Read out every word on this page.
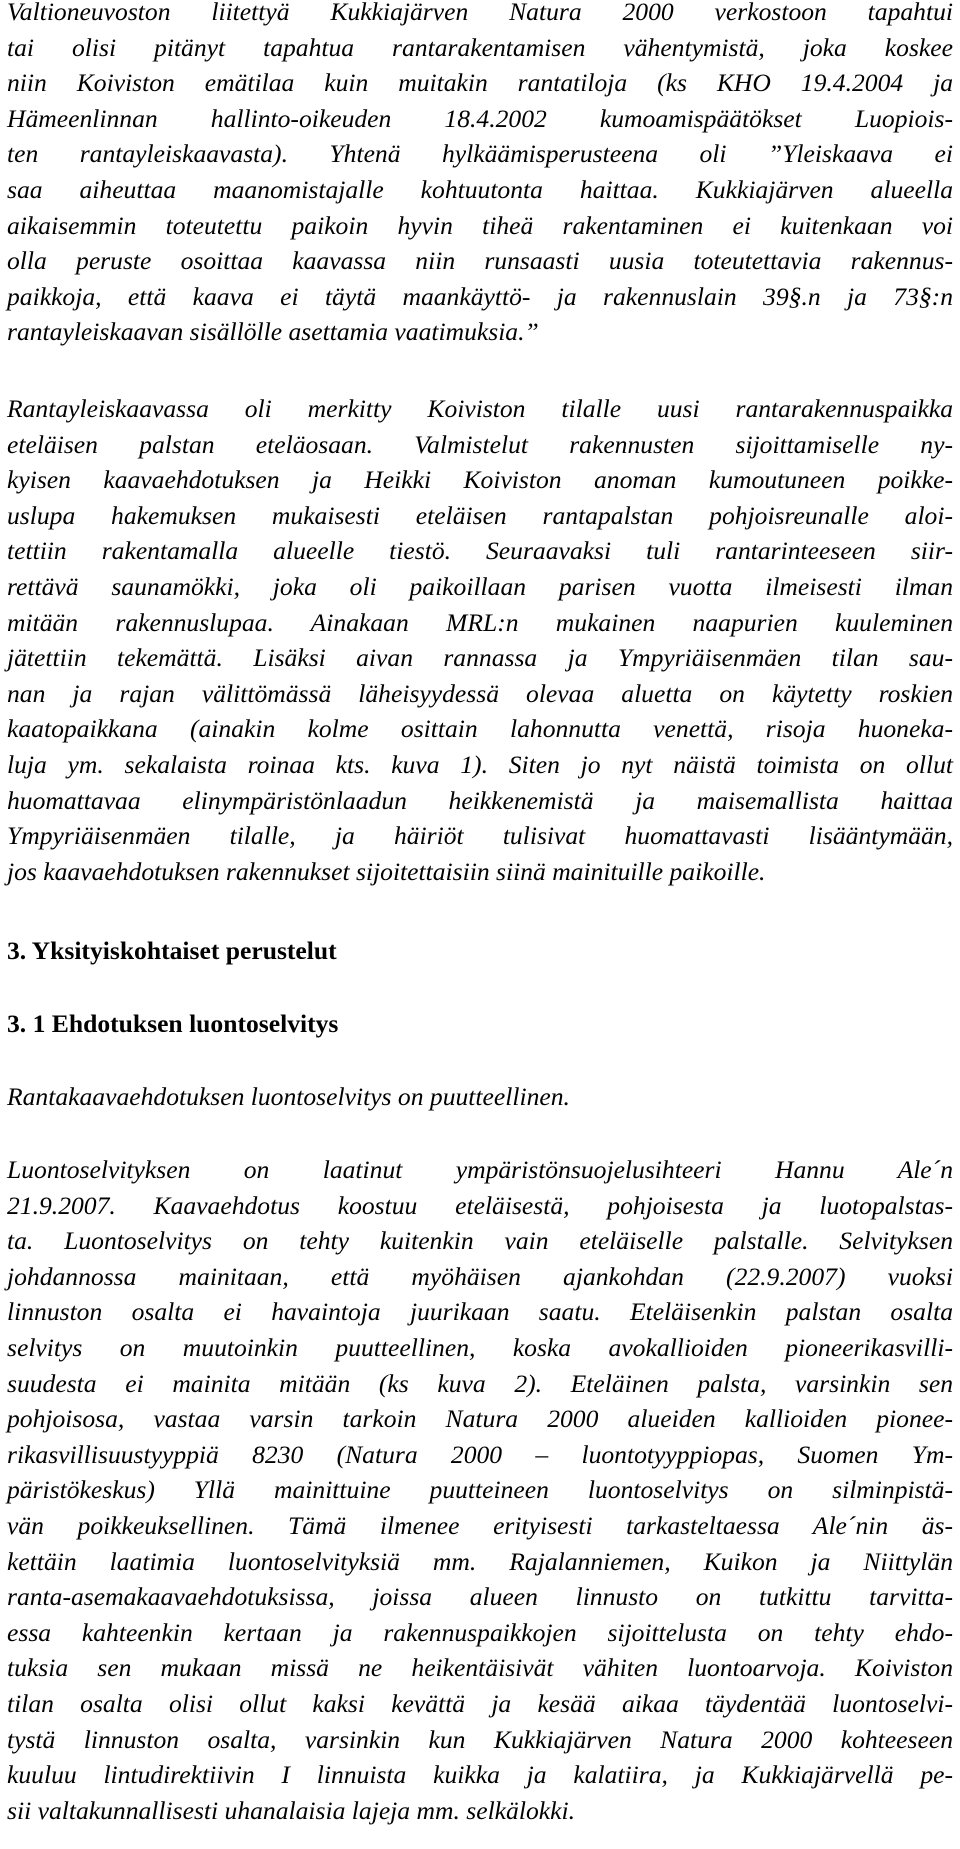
Valtioneuvoston liitettyä Kukkiajärven Natura 2000 verkostoon tapahtui
tai olisi pitänyt tapahtua rantarakentamisen vähentymistä, joka koskee
niin Koiviston emätilaa kuin muitakin rantatiloja (ks KHO 19.4.2004 ja
Hämeenlinnan hallinto-oikeuden 18.4.2002 kumoamispäätökset Luopiois-
ten rantayleiskaavasta). Yhtenä hylkäämisperusteena oli ”Yleiskaava ei
saa aiheuttaa maanomistajalle kohtuutonta haittaa. Kukkiajärven alueella
aikaisemmin toteutettu paikoin hyvin tiheä rakentaminen ei kuitenkaan voi
olla peruste osoittaa kaavassa niin runsaasti uusia toteutettavia rakennus-
paikkoja, että kaava ei täytä maankäyttö- ja rakennuslain 39§.n ja 73§:n
rantayleiskaavan sisällölle asettamia vaatimuksia.”
Rantayleiskaavassa oli merkitty Koiviston tilalle uusi rantarakennuspaikka
eteläisen palstan eteläosaan. Valmistelut rakennusten sijoittamiselle ny-
kyisen kaavaehdotuksen ja Heikki Koiviston anoman kumoutuneen poikke-
uslupa hakemuksen mukaisesti eteläisen rantapalstan pohjoisreunalle aloi-
tettiin rakentamalla alueelle tiestö. Seuraavaksi tuli rantarinteeseen siir-
rettävä saunamökki, joka oli paikoillaan parisen vuotta ilmeisesti ilman
mitään rakennuslupaa. Ainakaan MRL:n mukainen naapurien kuuleminen
jätettiin tekemättä. Lisäksi aivan rannassa ja Ympyriäisenmäen tilan sau-
nan ja rajan välittömässä läheisyydessä olevaa aluetta on käytetty roskien
kaatopaikkana (ainakin kolme osittain lahonnutta venettä, risoja huoneka-
luja ym. sekalaista roinaa kts. kuva 1). Siten jo nyt näistä toimista on ollut
huomattavaa elinympäristönlaadun heikkenemistä ja maisemallista haittaa
Ympyriäisenmäen tilalle, ja häiriöt tulisivat huomattavasti lisääntymään,
jos kaavaehdotuksen rakennukset sijoitettaisiin siinä mainituille paikoille.
3. Yksityiskohtaiset perustelut
3. 1 Ehdotuksen luontoselvitys
Rantakaavaehdotuksen luontoselvitys on puutteellinen.
Luontoselvityksen on laatinut ympäristönsuojelusihteeri Hannu Ale´n
21.9.2007. Kaavaehdotus koostuu eteläisestä, pohjoisesta ja luotopalstas-
ta. Luontoselvitys on tehty kuitenkin vain eteläiselle palstalle. Selvityksen
johdannossa mainitaan, että myöhäisen ajankohdan (22.9.2007) vuoksi
linnuston osalta ei havaintoja juurikaan saatu. Eteläisenkin palstan osalta
selvitys on muutoinkin puutteellinen, koska avokallioiden pioneerikasvilli-
suudesta ei mainita mitään (ks kuva 2). Eteläinen palsta, varsinkin sen
pohjoisosa, vastaa varsin tarkoin Natura 2000 alueiden kallioiden pionee-
rikasvillisuustyyppiä 8230 (Natura 2000 – luontotyyppiopas, Suomen Ym-
päristökeskus) Yllä mainittuine puutteineen luontoselvitys on silminpistä-
vän poikkeuksellinen. Tämä ilmenee erityisesti tarkasteltaessa Ale´nin äs-
kettäin laatimia luontoselvityksiä mm. Rajalanniemen, Kuikon ja Niittylän
ranta-asemakaavaehdotuksissa, joissa alueen linnusto on tutkittu tarvitta-
essa kahteenkin kertaan ja rakennuspaikkojen sijoittelusta on tehty ehdo-
tuksia sen mukaan missä ne heikentäisivät vähiten luontoarvoja. Koiviston
tilan osalta olisi ollut kaksi kevättä ja kesää aikaa täydentää luontoselvi-
tystä linnuston osalta, varsinkin kun Kukkiajärven Natura 2000 kohteeseen
kuuluu lintudirektiivin I linnuista kuikka ja kalatiira, ja Kukkiajärvellä pe-
sii valtakunnallisesti uhanalaisia lajeja mm. selkälokki.
